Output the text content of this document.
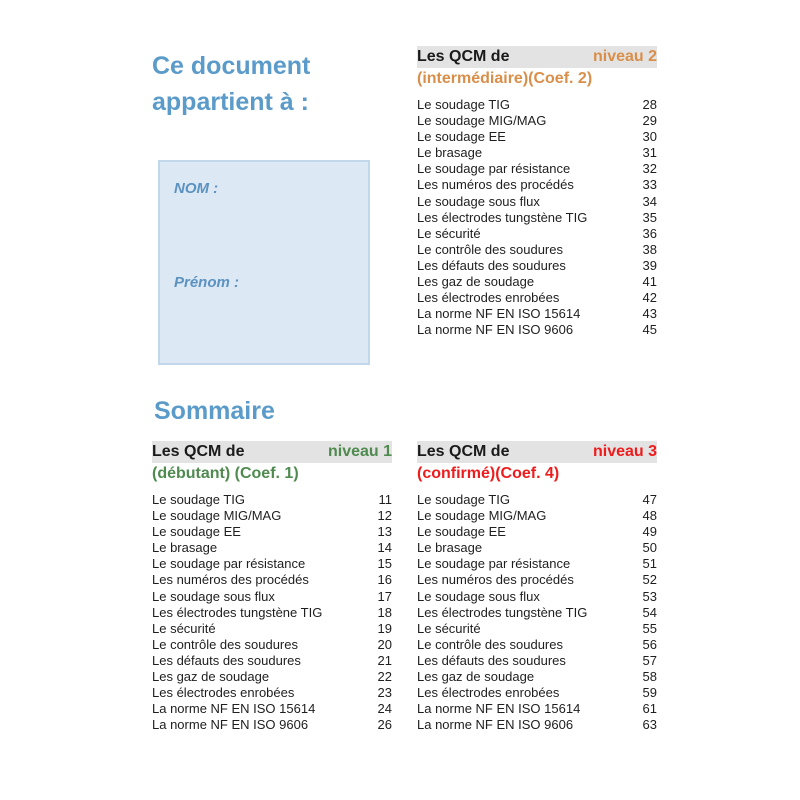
Ce document
appartient à :
NOM :
Prénom :
Sommaire
Les QCM de	niveau 2
(intermédiaire)(Coef. 2)
Le soudage TIG	28
Le soudage MIG/MAG	29
Le soudage EE	30
Le brasage	31
Le soudage par résistance	32
Les numéros des procédés	33
Le soudage sous flux	34
Les électrodes tungstène TIG	35
Le sécurité	36
Le contrôle des soudures	38
Les défauts des soudures	39
Les gaz de soudage	41
Les électrodes enrobées	42
La norme NF EN ISO 15614	43
La norme NF EN ISO 9606	45
Les QCM de	niveau 1
(débutant) (Coef. 1)
Le soudage TIG	11
Le soudage MIG/MAG	12
Le soudage EE	13
Le brasage	14
Le soudage par résistance	15
Les numéros des procédés	16
Le soudage sous flux	17
Les électrodes tungstène TIG	18
Le sécurité	19
Le contrôle des soudures	20
Les défauts des soudures	21
Les gaz de soudage	22
Les électrodes enrobées	23
La norme NF EN ISO 15614	24
La norme NF EN ISO 9606	26
Les QCM de	niveau 3
(confirmé)(Coef. 4)
Le soudage TIG	47
Le soudage MIG/MAG	48
Le soudage EE	49
Le brasage	50
Le soudage par résistance	51
Les numéros des procédés	52
Le soudage sous flux	53
Les électrodes tungstène TIG	54
Le sécurité	55
Le contrôle des soudures	56
Les défauts des soudures	57
Les gaz de soudage	58
Les électrodes enrobées	59
La norme NF EN ISO 15614	61
La norme NF EN ISO 9606	63
